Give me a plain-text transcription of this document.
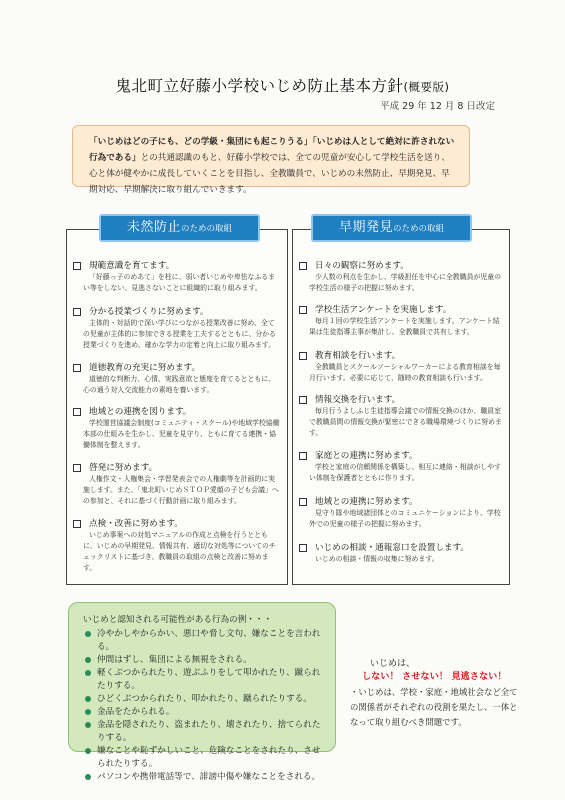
鬼北町立好藤小学校いじめ防止基本方針(概要版)
平成 29 年 12 月 8 日改定
「いじめはどの子にも、どの学級・集団にも起こりうる」「いじめは人として絶対に許されない行為である」との共通認識のもと、好藤小学校では、全ての児童が安心して学校生活を送り、心と体が健やかに成長していくことを目指し、全教職員で、いじめの未然防止、早期発見、早期対応、早期解決に取り組んでいきます。
規範意識を育てます。
「好藤っ子のめあて」を柱に、弱い者いじめや卑怯なふるまい等をしない、見逃さないことに組織的に取り組みます。
分かる授業づくりに努めます。
主体的・対話的で深い学びにつながる授業改善に努め、全ての児童が主体的に参加できる授業を工夫するとともに、分かる授業づくりを進め、確かな学力の定着と向上に取り組みます。
道徳教育の充実に努めます。
道徳的な判断力、心情、実践意欲と態度を育てるとともに、心の通う対人交流能力の素地を養います。
地域との連携を図ります。
学校運営協議会制度(コミュニティ・スクール)や地域学校協働本部の仕組みを生かし、児童を見守り、ともに育てる連携・協働体制を整えます。
啓発に努めます。
人権作文・人権集会・学習発表会での人権劇等を計画的に実施します。また、「鬼北町いじめＳＴＯＰ愛顔の子ども会議」への参加と、それに基づく行動計画に取り組みます。
点検・改善に努めます。
いじめ事案への対処マニュアルの作成と点検を行うとともに、いじめの早期発見、情報共有、適切な対処等についてのチェックリストに基づき、教職員の取組の点検と改善に努めます。
日々の観察に努めます。
少人数の利点を生かし、学級担任を中心に全教職員が児童の学校生活の様子の把握に努めます。
学校生活アンケートを実施します。
毎月１回の学校生活アンケートを実施します。アンケート結果は生徒指導主事が集計し、全教職員で共有します。
教育相談を行います。
全教職員とスクールソーシャルワーカーによる教育相談を毎月行います。必要に応じて、随時の教育相談も行います。
情報交換を行います。
毎月行うよしふじ生徒指導会議での情報交換のほか、職員室で教職員間の情報交換が緊密にできる職場環境づくりに努めます。
家庭との連携に努めます。
学校と家庭の信頼関係を構築し、相互に連絡・相談がしやすい体制を保護者とともに作ります。
地域との連携に努めます。
見守り隊や地域諸団体とのコミュニケーションにより、学校外での児童の様子の把握に努めます。
いじめの相談・通報窓口を設置します。
いじめの相談・情報の収集に努めます。
未然防止のための取組	早期発見のための取組
いじめと認知される可能性がある行為の例・・・
冷やかしやからかい、悪口や脅し文句、嫌なことを言われる。
仲間はずし、集団による無視をされる。
軽くぶつかられたり、遊ぶふりをして叩かれたり、蹴られたりする。
ひどくぶつかられたり、叩かれたり、蹴られたりする。
金品をたかられる。
金品を隠されたり、盗まれたり、壊されたり、捨てられたりする。
嫌なことや恥ずかしいこと、危険なことをされたり、させられたりする。
パソコンや携帯電話等で、誹謗中傷や嫌なことをされる。
いじめは、
しない！ させない！ 見逃さない！
・いじめは、学校・家庭・地域社会など全ての関係者がそれぞれの役割を果たし、一体となって取り組むべき問題です。
